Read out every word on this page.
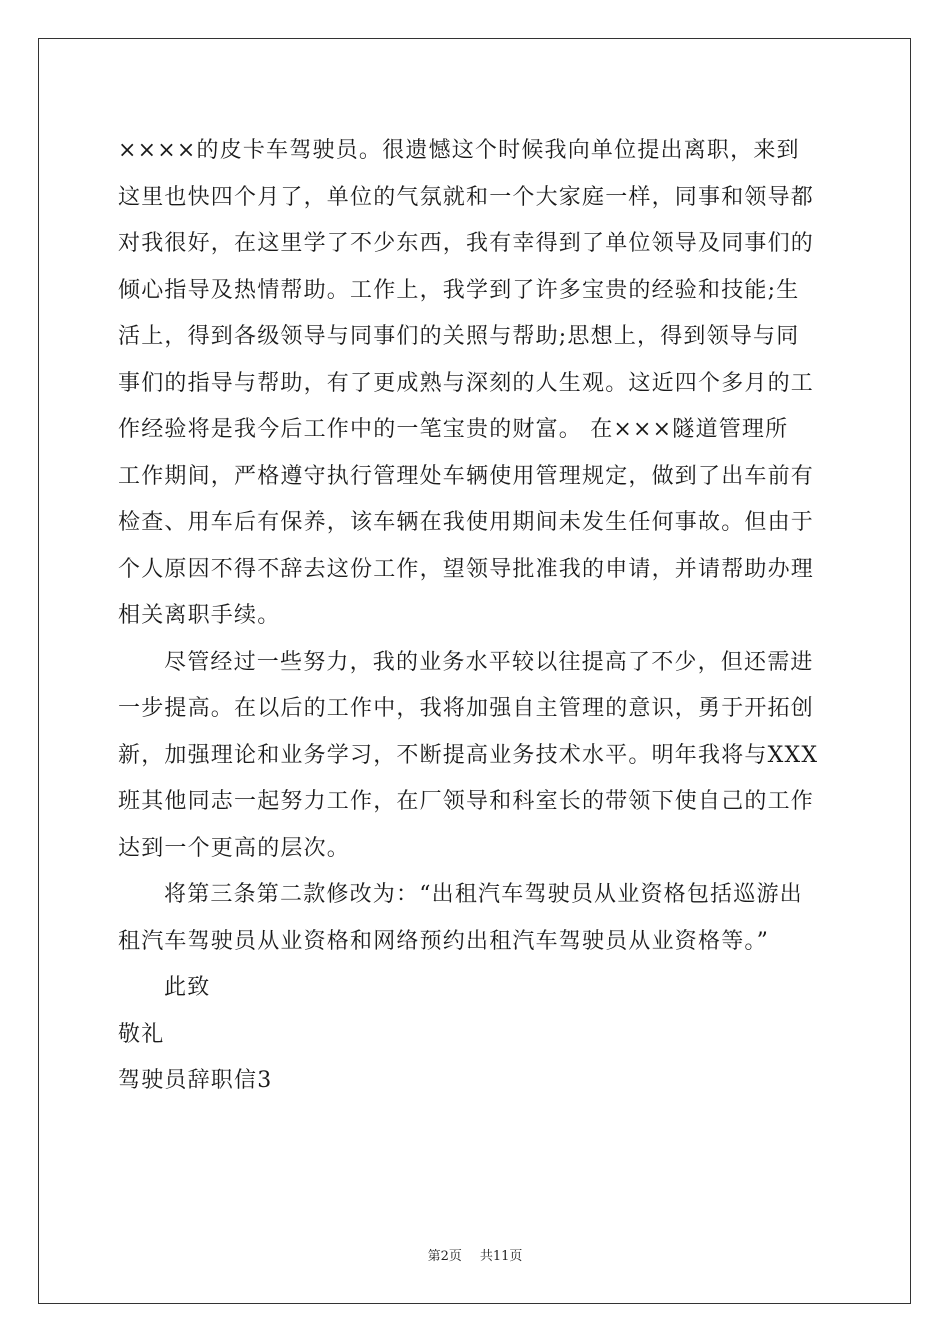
××××的皮卡车驾驶员。很遗憾这个时候我向单位提出离职，来到
这里也快四个月了，单位的气氛就和一个大家庭一样，同事和领导都
对我很好，在这里学了不少东西，我有幸得到了单位领导及同事们的
倾心指导及热情帮助。工作上，我学到了许多宝贵的经验和技能;生
活上，得到各级领导与同事们的关照与帮助;思想上，得到领导与同
事们的指导与帮助，有了更成熟与深刻的人生观。这近四个多月的工
作经验将是我今后工作中的一笔宝贵的财富。 在×××隧道管理所
工作期间，严格遵守执行管理处车辆使用管理规定，做到了出车前有
检查、用车后有保养，该车辆在我使用期间未发生任何事故。但由于
个人原因不得不辞去这份工作，望领导批准我的申请，并请帮助办理
相关离职手续。
尽管经过一些努力，我的业务水平较以往提高了不少，但还需进
一步提高。在以后的工作中，我将加强自主管理的意识，勇于开拓创
新，加强理论和业务学习，不断提高业务技术水平。明年我将与XXX
班其他同志一起努力工作，在厂领导和科室长的带领下使自己的工作
达到一个更高的层次。
将第三条第二款修改为：“出租汽车驾驶员从业资格包括巡游出
租汽车驾驶员从业资格和网络预约出租汽车驾驶员从业资格等。”
此致
敬礼
驾驶员辞职信3
第2页 共11页
